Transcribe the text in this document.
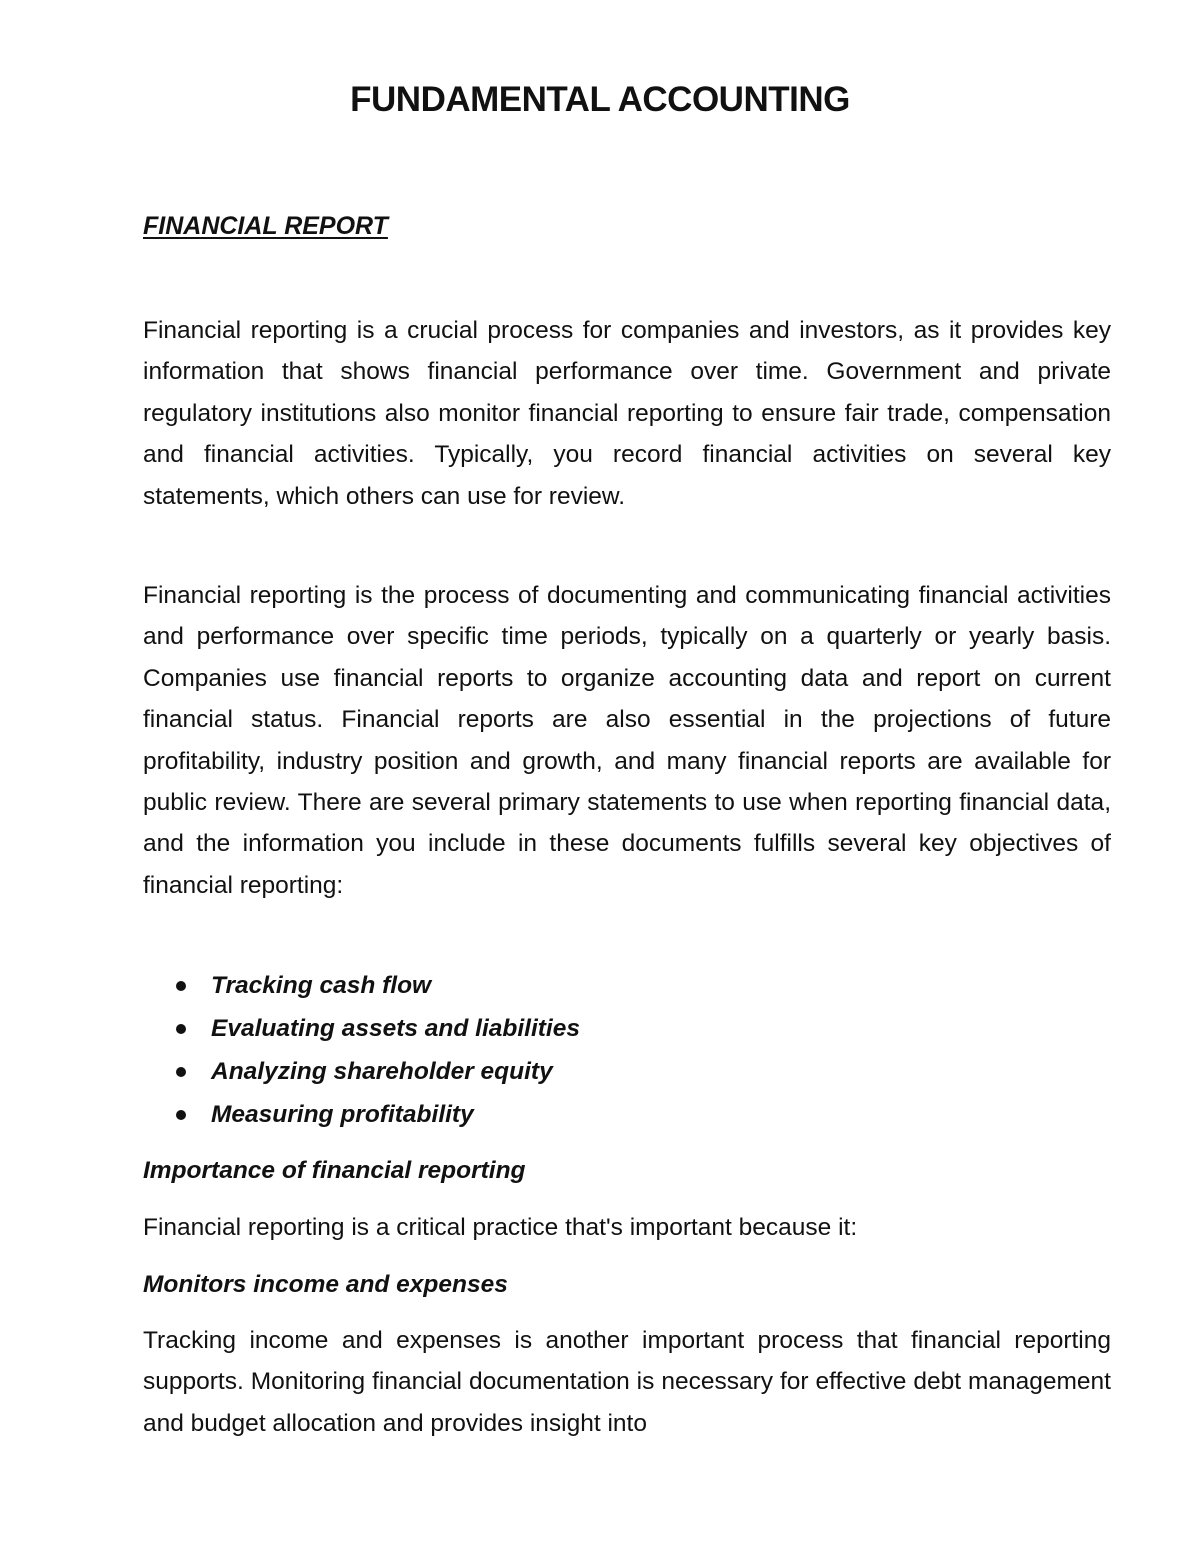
FUNDAMENTAL ACCOUNTING
FINANCIAL REPORT

Financial reporting is a crucial process for companies and investors, as it provides key information that shows financial performance over time. Government and private regulatory institutions also monitor financial reporting to ensure fair trade, compensation and financial activities. Typically, you record financial activities on several key statements, which others can use for review.

Financial reporting is the process of documenting and communicating financial activities and performance over specific time periods, typically on a quarterly or yearly basis. Companies use financial reports to organize accounting data and report on current financial status. Financial reports are also essential in the projections of future profitability, industry position and growth, and many financial reports are available for public review. There are several primary statements to use when reporting financial data, and the information you include in these documents fulfills several key objectives of financial reporting:

Tracking cash flow
Evaluating assets and liabilities
Analyzing shareholder equity
Measuring profitability
Importance of financial reporting

Financial reporting is a critical practice that's important because it:

Monitors income and expenses

Tracking income and expenses is another important process that financial reporting supports. Monitoring financial documentation is necessary for effective debt management and budget allocation and provides insight into
